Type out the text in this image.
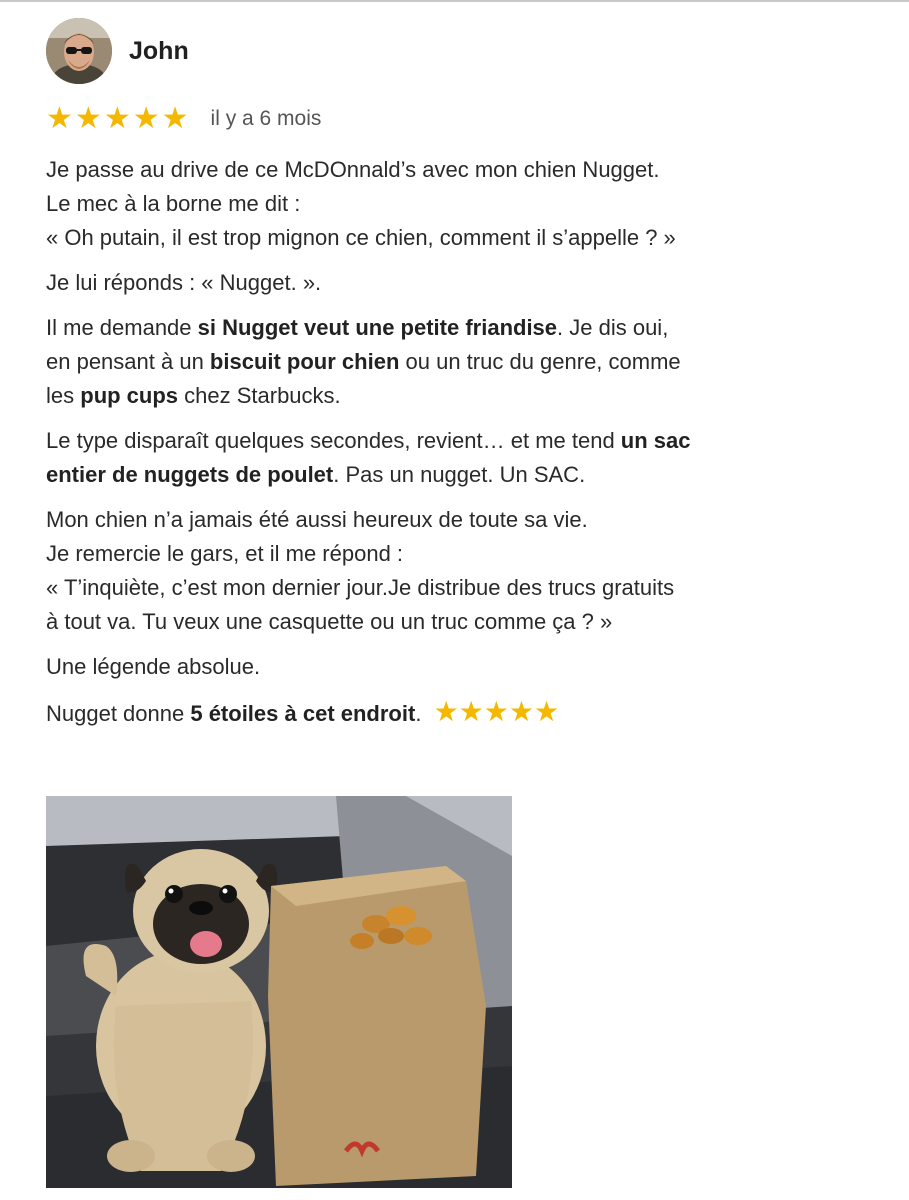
John
★ ★ ★ ★ ★ il y a 6 mois

Je passe au drive de ce McDOnnald’s avec mon chien Nugget.

Le mec à la borne me dit :

« Oh putain, il est trop mignon ce chien, comment il s’appelle ? »

Je lui réponds : « Nugget. ».

Il me demande si Nugget veut une petite friandise. Je dis oui,

en pensant à un biscuit pour chien ou un truc du genre, comme

les pup cups chez Starbucks.

Le type disparaît quelques secondes, revient… et me tend un sac

entier de nuggets de poulet. Pas un nugget. Un SAC.

Mon chien n’a jamais été aussi heureux de toute sa vie.

Je remercie le gars, et il me répond :

« T’inquiète, c’est mon dernier jour.Je distribue des trucs gratuits

à tout va. Tu veux une casquette ou un truc comme ça ? »

Une légende absolue.

Nugget donne 5 étoiles à cet endroit. ★★★★★
